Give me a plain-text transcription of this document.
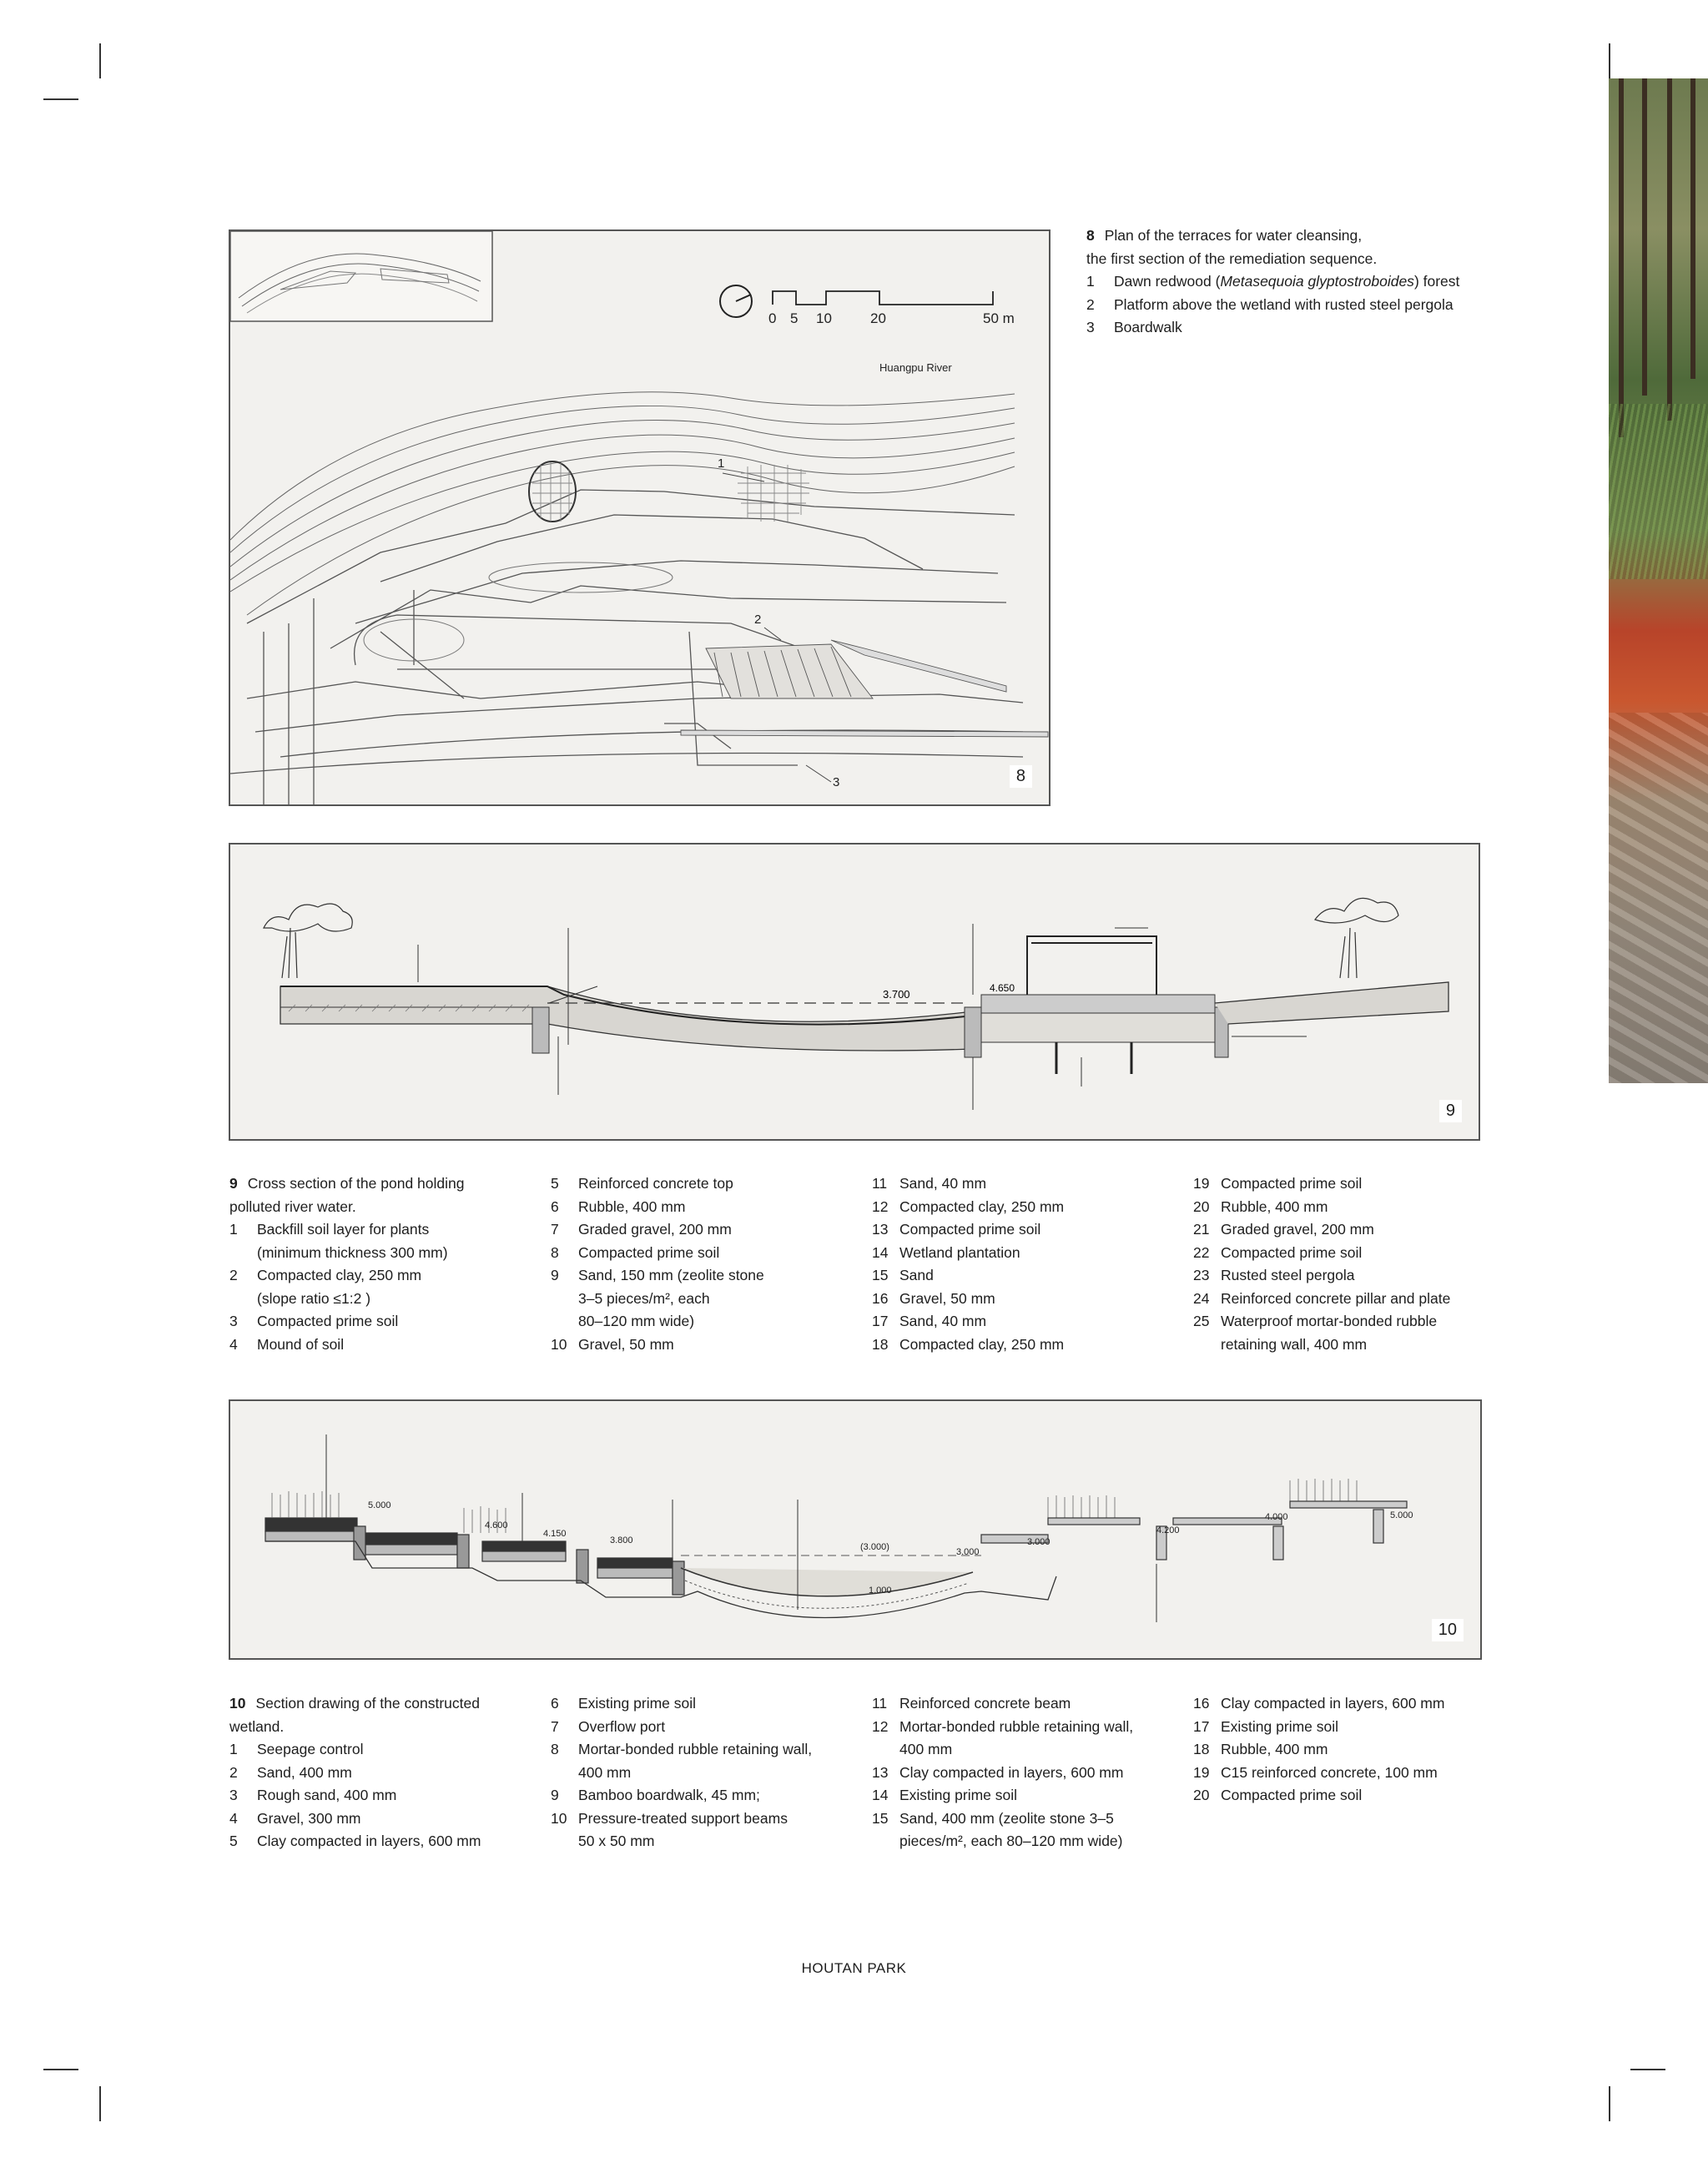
0 5 10	20	50 m
Huangpu River
1
2
3	8
8 Plan of the terraces for water cleansing,
the first section of the remediation sequence.
1 Dawn redwood (Metasequoia glyptostroboides) forest
2 Platform above the wetland with rusted steel pergola
3 Boardwalk
3.700	4.650
9
9 Cross section of the pond holding
polluted river water.
1 Backfill soil layer for plants
(minimum thickness 300 mm)
2 Compacted clay, 250 mm
(slope ratio ≤1:2 )
3 Compacted prime soil
4 Mound of soil
5 Reinforced concrete top
6 Rubble, 400 mm
7 Graded gravel, 200 mm
8 Compacted prime soil
9 Sand, 150 mm (zeolite stone
3–5 pieces/m², each
80–120 mm wide)
10 Gravel, 50 mm
11 Sand, 40 mm
12 Compacted clay, 250 mm
13 Compacted prime soil
14 Wetland plantation
15 Sand
16 Gravel, 50 mm
17 Sand, 40 mm
18 Compacted clay, 250 mm
19 Compacted prime soil
20 Rubble, 400 mm
21 Graded gravel, 200 mm
22 Compacted prime soil
23 Rusted steel pergola
24 Reinforced concrete pillar and plate
25 Waterproof mortar-bonded rubble
retaining wall, 400 mm
5.000
4.600
4.150
3.800
(3.000)	3.000
3.000
1.000
4.200
4.000	5.000
10
10 Section drawing of the constructed
wetland.
1 Seepage control
2 Sand, 400 mm
3 Rough sand, 400 mm
4 Gravel, 300 mm
5 Clay compacted in layers, 600 mm
6 Existing prime soil
7 Overflow port
8 Mortar-bonded rubble retaining wall,
400 mm
9 Bamboo boardwalk, 45 mm;
10 Pressure-treated support beams
50 x 50 mm
11 Reinforced concrete beam
12 Mortar-bonded rubble retaining wall,
400 mm
13 Clay compacted in layers, 600 mm
14 Existing prime soil
15 Sand, 400 mm (zeolite stone 3–5
pieces/m², each 80–120 mm wide)
16 Clay compacted in layers, 600 mm
17 Existing prime soil
18 Rubble, 400 mm
19 C15 reinforced concrete, 100 mm
20 Compacted prime soil
HOUTAN PARK
